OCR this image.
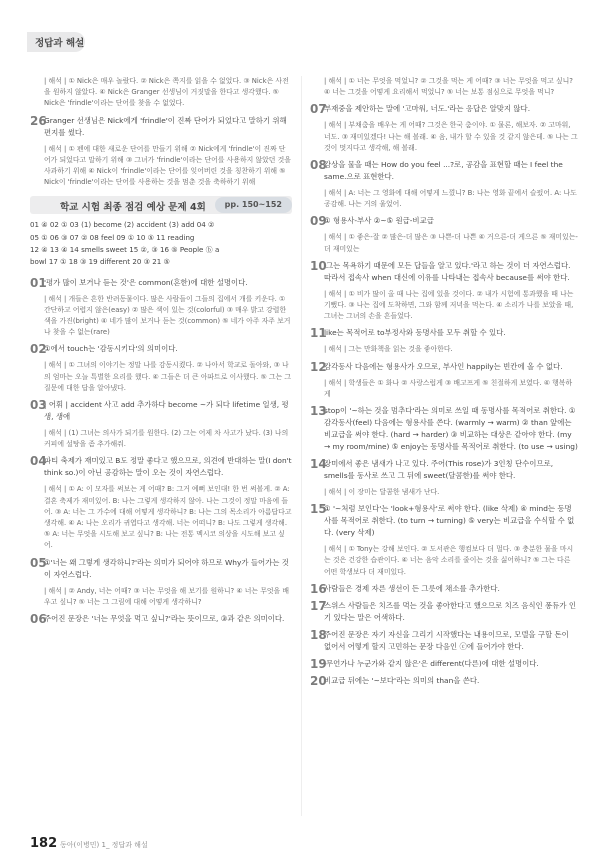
정답과 해설
| 해석 | ① Nick은 매우 놀랐다. ② Nick은 쪽지를 읽을 수 없었다. ③ Nick은 사전을 원하지 않았다. ④ Nick은 Granger 선생님이 거짓말을 한다고 생각했다. ⑤ Nick은 'frindle'이라는 단어를 찾을 수 없었다.
26
Granger 선생님은 Nick에게 'frindle'이 진짜 단어가 되었다고 말하기 위해 편지를 썼다.
| 해석 | ① 펜에 대한 새로운 단어를 만들기 위해 ② Nick에게 'frindle'이 진짜 단어가 되었다고 말하기 위해 ③ 그녀가 'frindle'이라는 단어를 사용하지 않았던 것을 사과하기 위해 ④ Nick이 'frindle'이라는 단어를 잊어버린 것을 칭찬하기 위해 ⑤ Nick이 'frindle'이라는 단어를 사용하는 것을 멈춘 것을 축하하기 위해
학교 시험 최종 점검 예상 문제 4회	pp. 150~152
01 ④ 02 ① 03 (1) become (2) accident (3) add 04 ②
05 ① 06 ③ 07 ② 08 feel 09 ① 10 ⑤ 11 reading
12 ④ 13 ④ 14 smells sweet 15 ②, ③ 16 ⑤ People ⓑ a
bowl 17 ① 18 ③ 19 different 20 ③ 21 ⑤
01
'평가 많이 보거나 듣는 것'은 common(흔한)에 대한 설명이다.
| 해석 | 개들은 흔한 반려동물이다. 많은 사람들이 그들의 집에서 개를 키운다. ① 간단하고 어렵지 않은(easy) ② 많은 색이 있는 것(colorful) ③ 매우 밝고 강렬한 색을 가진(bright) ④ 네가 많이 보거나 듣는 것(common) ⑤ 네가 아주 자주 보거나 찾을 수 없는(rare)
02
①에서 touch는 '감동시키다'의 의미이다.
| 해석 | ① 그녀의 이야기는 정말 나를 감동시켰다. ② 나아서 학교로 돌아와, ③ 나의 엄마는 오늘 특별한 요리를 했다. ④ 그들은 더 큰 아파트로 이사했다. ⑤ 그는 그 질문에 대한 답을 알아냈다.
03
| 어휘 | accident 사고 add 추가하다 become ~가 되다 lifetime 일생, 평생, 생애
| 해석 | (1) 그녀는 의사가 되기를 원한다. (2) 그는 어제 차 사고가 났다. (3) 나의 커피에 설탕을 좀 추가해줘.
04
파티 축제가 재미있고 B도 정말 좋다고 했으므로, 의견에 반대하는 말(I don't think so.)이 아닌 공감하는 말이 오는 것이 자연스럽다.
| 해석 | ① A: 이 모자를 써보는 게 어때? B: 그거 예뻐 보인대! 한 번 써볼게. ② A: 결혼 축제가 재미있어. B: 나는 그렇게 생각하지 않아. 나는 그것이 정말 마음에 들어. ③ A: 너는 그 가수에 대해 어떻게 생각하니? B: 나는 그의 목소리가 아름답다고 생각해. ④ A: 나는 오리가 귀엽다고 생각해. 너는 어떠니? B: 나도 그렇게 생각해. ⑤ A: 너는 무엇을 시도해 보고 싶니? B: 나는 전통 멕시코 의상을 시도해 보고 싶어.
05
①'너는 왜 그렇게 생각하니?'라는 의미가 되어야 하므로 Why가 들어가는 것이 자연스럽다.
| 해석 | ② Andy, 너는 어때? ③ 너는 무엇을 해 보기를 원하니? ④ 너는 무엇을 배우고 싶니? ⑤ 너는 그 그림에 대해 어떻게 생각하니?
06
주어진 문장은 '너는 무엇을 먹고 싶니?'라는 뜻이므로, ③과 같은 의미이다.
| 해석 | ① 너는 무엇을 먹었니? ② 그것을 먹는 게 어때? ③ 너는 무엇을 먹고 싶니? ④ 너는 그것을 어떻게 요리해서 먹었니? ⑤ 너는 보통 점심으로 무엇을 먹니?
07
부재중을 제안하는 말에 '고마워, 너도.'라는 응답은 알맞지 않다.
| 해석 | 부채춤을 배우는 게 어때? 그것은 한국 춤이야. ① 물론, 해보자. ② 고마워, 너도. ③ 재미있겠다! 나는 해 볼래. ④ 음, 내가 할 수 있을 것 같지 않은데. ⑤ 나는 그것이 멋지다고 생각해, 해 볼래.
08
감상을 물을 때는 How do you feel ...?로, 공감을 표현할 때는 I feel the same.으로 표현한다.
| 해석 | A: 너는 그 영화에 대해 어떻게 느꼈니? B: 나는 영화 끝에서 슬펐어. A: 나도 공감해. 나는 거의 울었어.
09
① 형용사-부사 ②~⑤ 원급-비교급
| 해석 | ① 좋은-잘 ② 많은-더 많은 ③ 나쁜-더 나쁜 ④ 거으른-더 게으른 ⑤ 재미있는-더 재미있는
10
'그는 목욕하기 때문에 모든 답들을 알고 있다.'라고 하는 것이 더 자연스럽다. 따라서 접속사 when 대신에 이유를 나타내는 접속사 because를 써야 한다.
| 해석 | ① 비가 많이 올 때 나는 집에 있을 것이다. ② 내가 시험에 통과했을 때 나는 기뻤다. ③ 나는 집에 도착하면, 그와 함께 저녁을 먹는다. ④ 소리가 나를 보았을 때, 그녀는 그녀의 손을 흔들었다.
11
like는 목적어로 to부정사와 동명사를 모두 취할 수 있다.
| 해석 | 그는 만화책을 읽는 것을 좋아한다.
12
감각동사 다음에는 형용사가 오므로, 부사인 happily는 빈칸에 올 수 없다.
| 해석 | 학생들은 ① 화나 ② 사랑스럽게 ③ 배고프게 ⑤ 친절하게 보였다. ④ 행복하게
13
stop이 '~하는 것을 멈추다'라는 의미로 쓰일 때 동명사를 목적어로 취한다. ① 감각동사(feel) 다음에는 형용사를 쓴다. (warmly → warm) ② than 앞에는 비교급을 써야 한다. (hard → harder) ③ 비교하는 대상은 같아야 한다. (my → my room/mine) ⑤ enjoy는 동명사를 목적어로 취한다. (to use → using)
14
장미에서 좋은 냄새가 나고 있다. 주어(This rose)가 3인칭 단수이므로, smells를 동사로 쓰고 그 뒤에 sweet(달콤한)를 써야 한다.
| 해석 | 이 장미는 달콤한 냄새가 난다.
15
① '~처럼 보인다'는 'look+형용사'로 써야 한다. (like 삭제) ④ mind는 동명사를 목적어로 취한다. (to turn → turning) ⑤ very는 비교급을 수식할 수 없다. (very 삭제)
| 해석 | ① Tony는 강해 보인다. ② 도서관은 행컴보다 더 멀다. ③ 충분한 물을 마시는 것은 건강한 습관이다. ④ 너는 음악 소리를 줄이는 것을 싫어하니? ⑤ 그는 다른 어떤 학생보다 더 재미있다.
16
사람들은 경제 자른 생선이 든 그릇에 채소를 추가한다.
17
스위스 사람들은 치즈를 먹는 것을 좋아한다고 했으므로 치즈 음식인 퐁듀가 인기 있다는 말은 어색하다.
18
주어진 문장은 자기 자신을 그리기 시작했다는 내용이므로, 모델을 구할 돈이 없어서 어떻게 할지 고민하는 문장 다음인 ⓒ에 들어가야 한다.
19
'무언가나 누군가와 같지 않은'은 different(다른)에 대한 설명이다.
20
비교급 뒤에는 '~보다'라는 의미의 than을 쓴다.
182 동아(이병민) 1_ 정답과 해설
